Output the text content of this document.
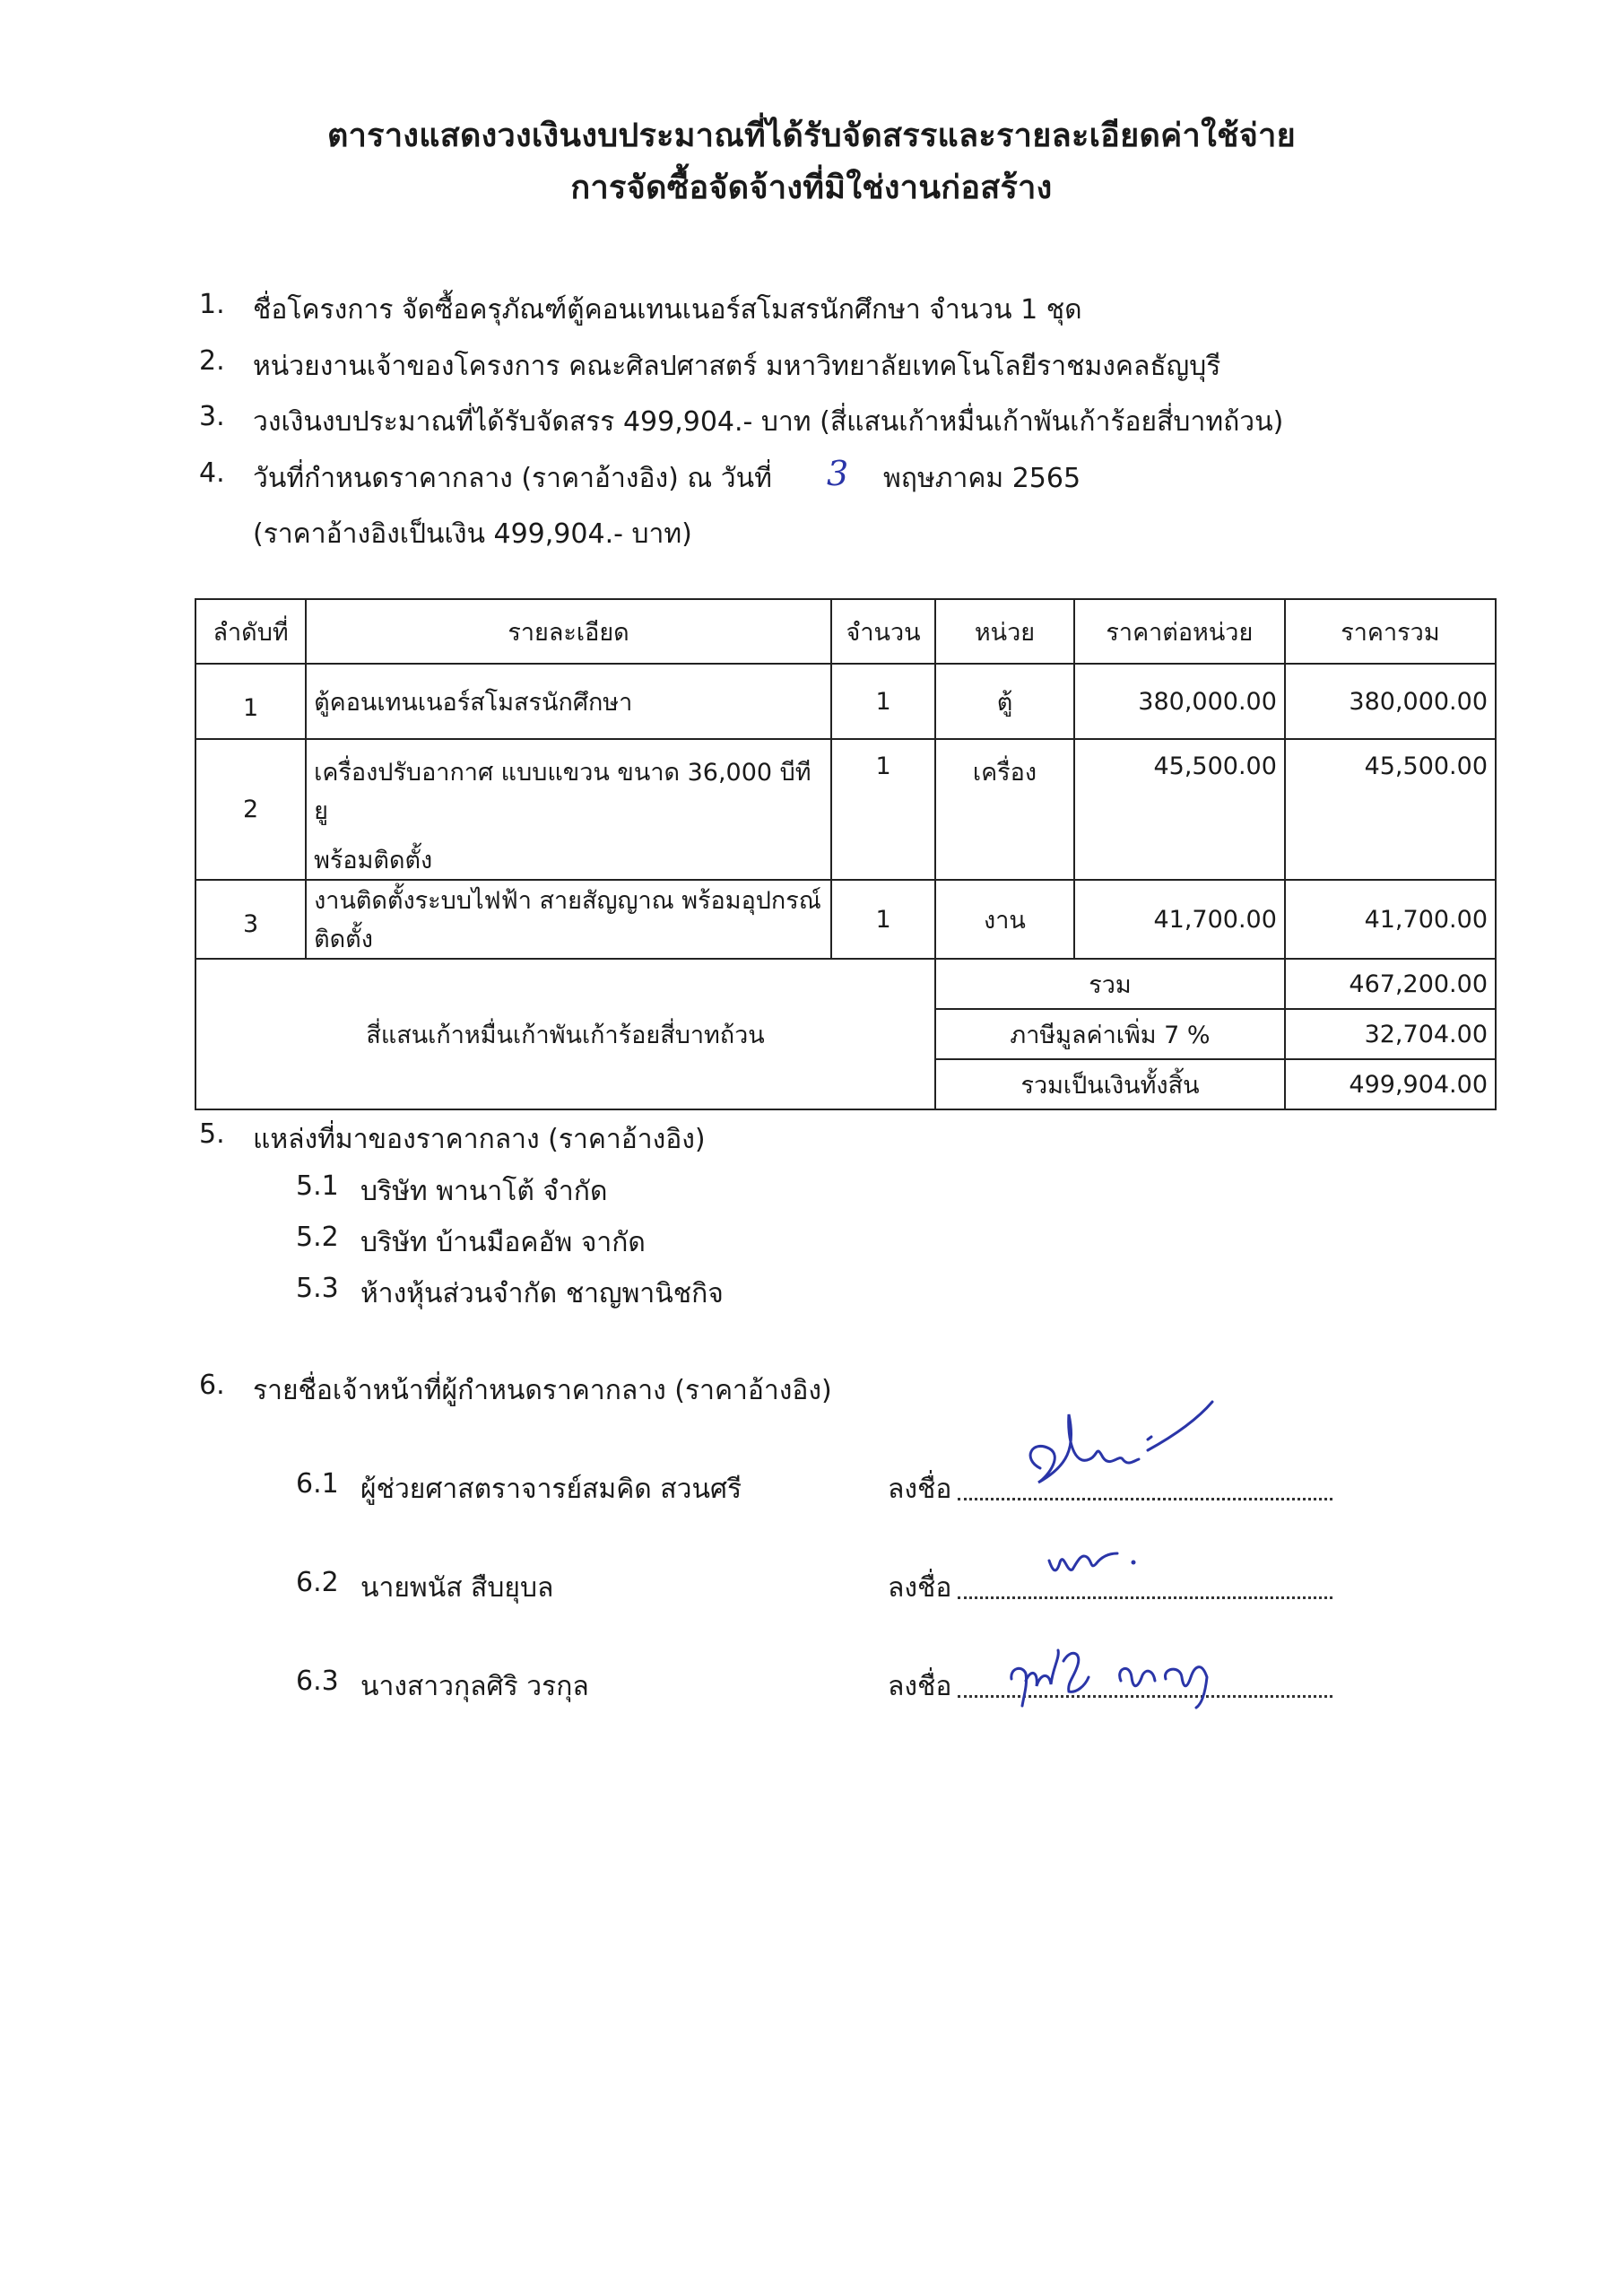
ตารางแสดงวงเงินงบประมาณที่ได้รับจัดสรรและรายละเอียดค่าใช้จ่าย
การจัดซื้อจัดจ้างที่มิใช่งานก่อสร้าง
1. ชื่อโครงการ จัดซื้อครุภัณฑ์ตู้คอนเทนเนอร์สโมสรนักศึกษา จำนวน 1 ชุด
2. หน่วยงานเจ้าของโครงการ คณะศิลปศาสตร์ มหาวิทยาลัยเทคโนโลยีราชมงคลธัญบุรี
3. วงเงินงบประมาณที่ได้รับจัดสรร 499,904.- บาท (สี่แสนเก้าหมื่นเก้าพันเก้าร้อยสี่บาทถ้วน)
4. วันที่กำหนดราคากลาง (ราคาอ้างอิง) ณ วันที่ 3 พฤษภาคม 2565
(ราคาอ้างอิงเป็นเงิน 499,904.- บาท)
ลำดับที่	รายละเอียด	จำนวน	หน่วย	ราคาต่อหน่วย	ราคารวม
1	ตู้คอนเทนเนอร์สโมสรนักศึกษา	1	ตู้	380,000.00	380,000.00
2	เครื่องปรับอากาศ แบบแขวน ขนาด 36,000 บีทียู
พร้อมติดตั้ง	1	เครื่อง	45,500.00	45,500.00
3	งานติดตั้งระบบไฟฟ้า สายสัญญาณ พร้อมอุปกรณ์ติดตั้ง	1	งาน	41,700.00	41,700.00
สี่แสนเก้าหมื่นเก้าพันเก้าร้อยสี่บาทถ้วน			รวม		467,200.00
			ภาษีมูลค่าเพิ่ม 7 %		32,704.00
			รวมเป็นเงินทั้งสิ้น		499,904.00
5. แหล่งที่มาของราคากลาง (ราคาอ้างอิง)
5.1 บริษัท พานาโต้ จำกัด
5.2 บริษัท บ้านมือคอัพ จากัด
5.3 ห้างหุ้นส่วนจำกัด ชาญพานิชกิจ
6. รายชื่อเจ้าหน้าที่ผู้กำหนดราคากลาง (ราคาอ้างอิง)
6.1 ผู้ช่วยศาสตราจารย์สมคิด สวนศรี	ลงชื่อ
6.2 นายพนัส สืบยุบล	ลงชื่อ
6.3 นางสาวกุลศิริ วรกุล	ลงชื่อ
